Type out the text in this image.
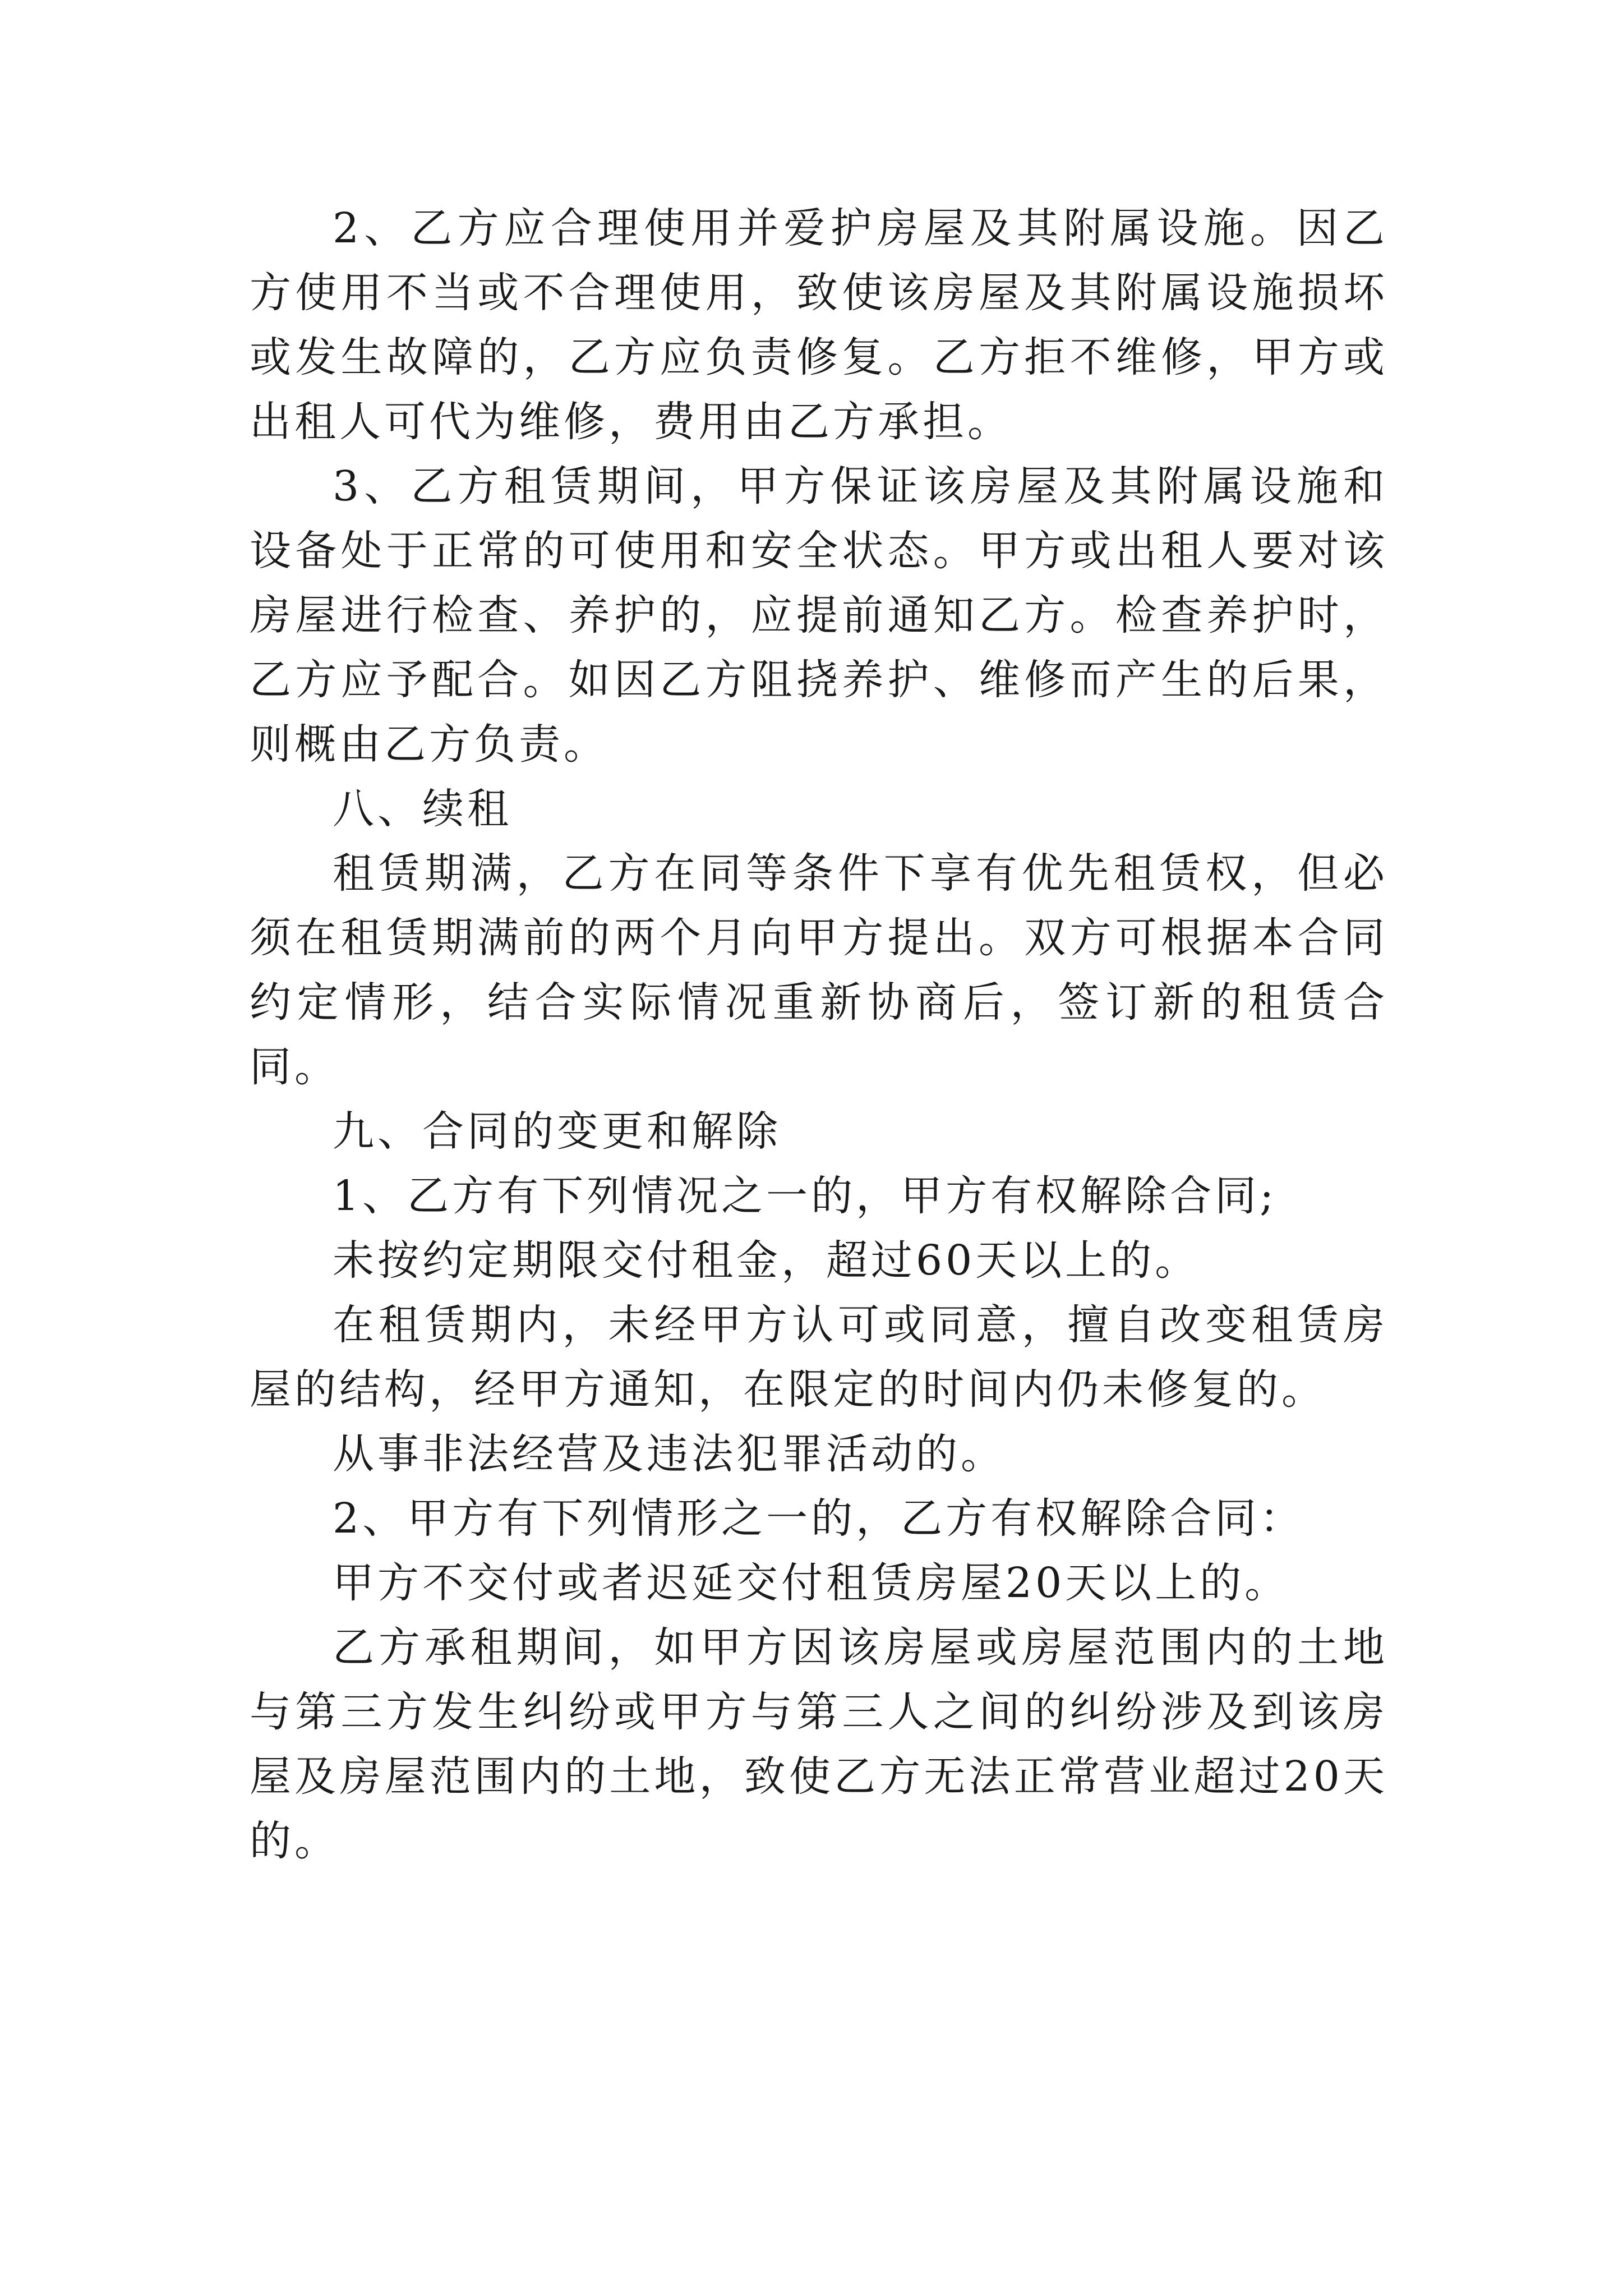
2、乙方应合理使用并爱护房屋及其附属设施。因乙方使用不当或不合理使用，致使该房屋及其附属设施损坏或发生故障的，乙方应负责修复。乙方拒不维修，甲方或出租人可代为维修，费用由乙方承担。

3、乙方租赁期间，甲方保证该房屋及其附属设施和设备处于正常的可使用和安全状态。甲方或出租人要对该房屋进行检查、养护的，应提前通知乙方。检查养护时，乙方应予配合。如因乙方阻挠养护、维修而产生的后果，则概由乙方负责。

八、续租

租赁期满，乙方在同等条件下享有优先租赁权，但必须在租赁期满前的两个月向甲方提出。双方可根据本合同约定情形，结合实际情况重新协商后，签订新的租赁合同。

九、合同的变更和解除

1、乙方有下列情况之一的，甲方有权解除合同;

未按约定期限交付租金，超过60天以上的。

在租赁期内，未经甲方认可或同意，擅自改变租赁房屋的结构，经甲方通知，在限定的时间内仍未修复的。

从事非法经营及违法犯罪活动的。

2、甲方有下列情形之一的，乙方有权解除合同：

甲方不交付或者迟延交付租赁房屋20天以上的。

乙方承租期间，如甲方因该房屋或房屋范围内的土地与第三方发生纠纷或甲方与第三人之间的纠纷涉及到该房屋及房屋范围内的土地，致使乙方无法正常营业超过20天的。
